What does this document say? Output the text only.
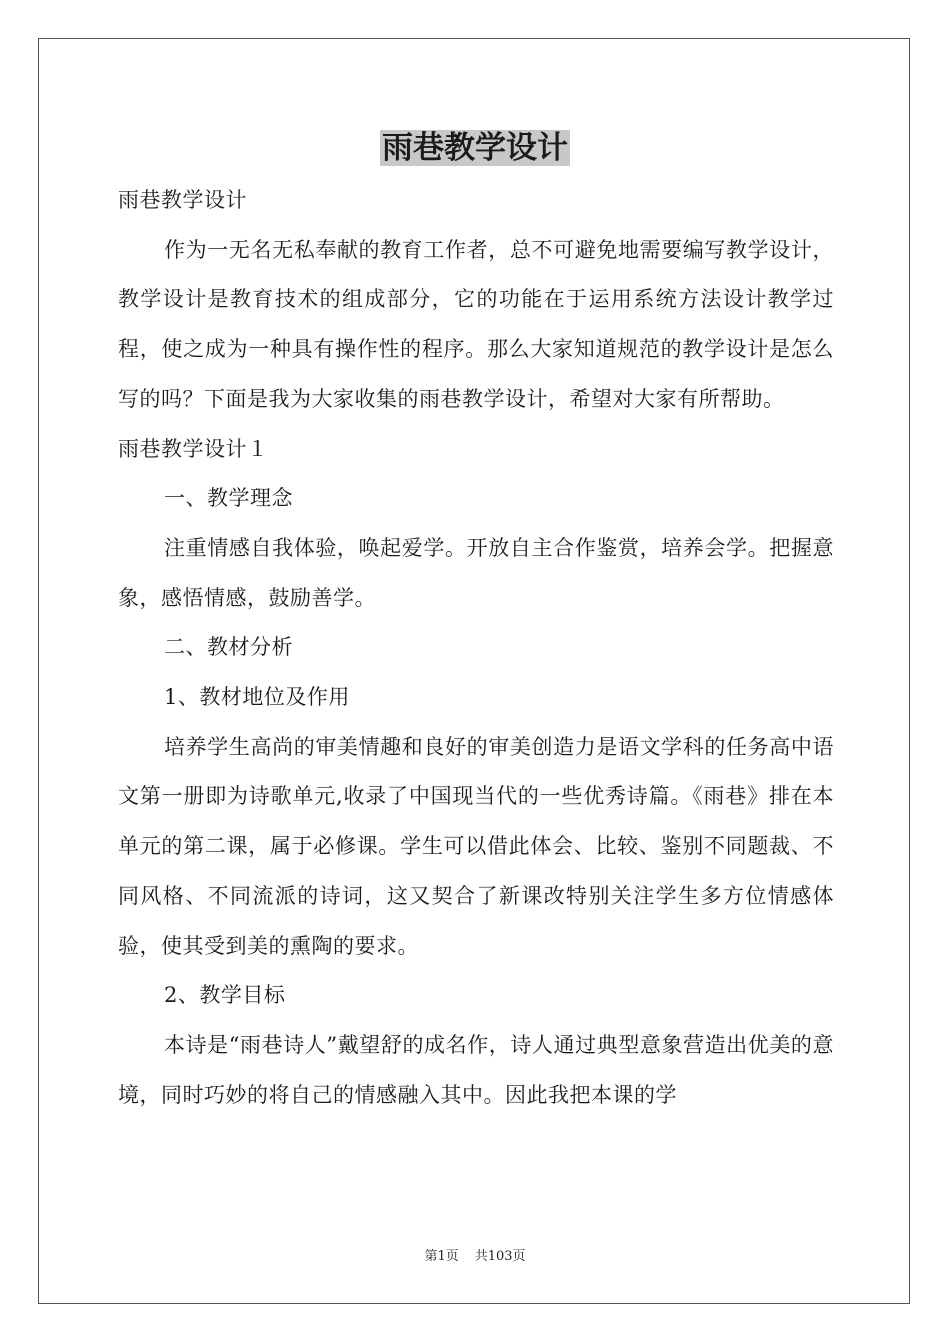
雨巷教学设计

雨巷教学设计

作为一无名无私奉献的教育工作者，总不可避免地需要编写教学设计，教学设计是教育技术的组成部分，它的功能在于运用系统方法设计教学过程，使之成为一种具有操作性的程序。那么大家知道规范的教学设计是怎么写的吗？下面是我为大家收集的雨巷教学设计，希望对大家有所帮助。

雨巷教学设计１

一、教学理念

注重情感自我体验，唤起爱学。开放自主合作鉴赏，培养会学。把握意象，感悟情感，鼓励善学。

二、教材分析

1、教材地位及作用

培养学生高尚的审美情趣和良好的审美创造力是语文学科的任务高中语文第一册即为诗歌单元,收录了中国现当代的一些优秀诗篇。《雨巷》排在本单元的第二课，属于必修课。学生可以借此体会、比较、鉴别不同题裁、不同风格、不同流派的诗词，这又契合了新课改特别关注学生多方位情感体验，使其受到美的熏陶的要求。

2、教学目标

本诗是“雨巷诗人”戴望舒的成名作，诗人通过典型意象营造出优美的意境，同时巧妙的将自己的情感融入其中。因此我把本课的学

第1页 共103页
